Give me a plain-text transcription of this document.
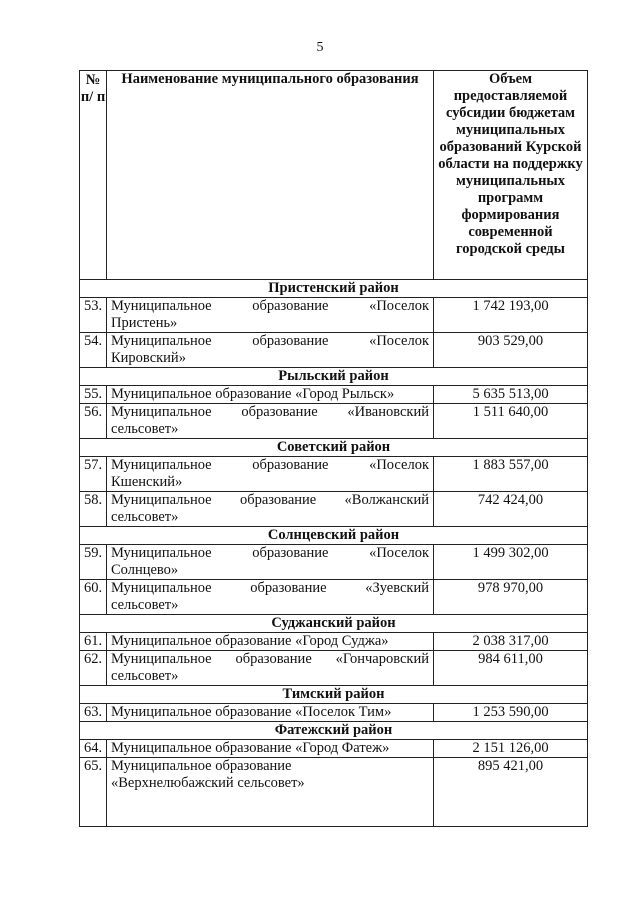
5
№ п/ п	Наименование муниципального образования	Объем предоставляемой субсидии бюджетам муниципальных образований Курской области на поддержку муниципальных программ формирования современной городской среды
Пристенский район		
53.	Муниципальное образование «Поселок
Пристень»	1 742 193,00
54.	Муниципальное образование «Поселок
Кировский»	903 529,00
Рыльский район		
55.	Муниципальное образование «Город Рыльск»	5 635 513,00
56.	Муниципальное образование «Ивановский
сельсовет»	1 511 640,00
Советский район		
57.	Муниципальное образование «Поселок
Кшенский»	1 883 557,00
58.	Муниципальное образование «Волжанский
сельсовет»	742 424,00
Солнцевский район		
59.	Муниципальное образование «Поселок
Солнцево»	1 499 302,00
60.	Муниципальное образование «Зуевский
сельсовет»	978 970,00
Суджанский район		
61.	Муниципальное образование «Город Суджа»	2 038 317,00
62.	Муниципальное образование «Гончаровский
сельсовет»	984 611,00
Тимский район		
63.	Муниципальное образование «Поселок Тим»	1 253 590,00
Фатежский район		
64.	Муниципальное образование «Город Фатеж»	2 151 126,00
65.	Муниципальное образование
«Верхнелюбажский сельсовет»	895 421,00
